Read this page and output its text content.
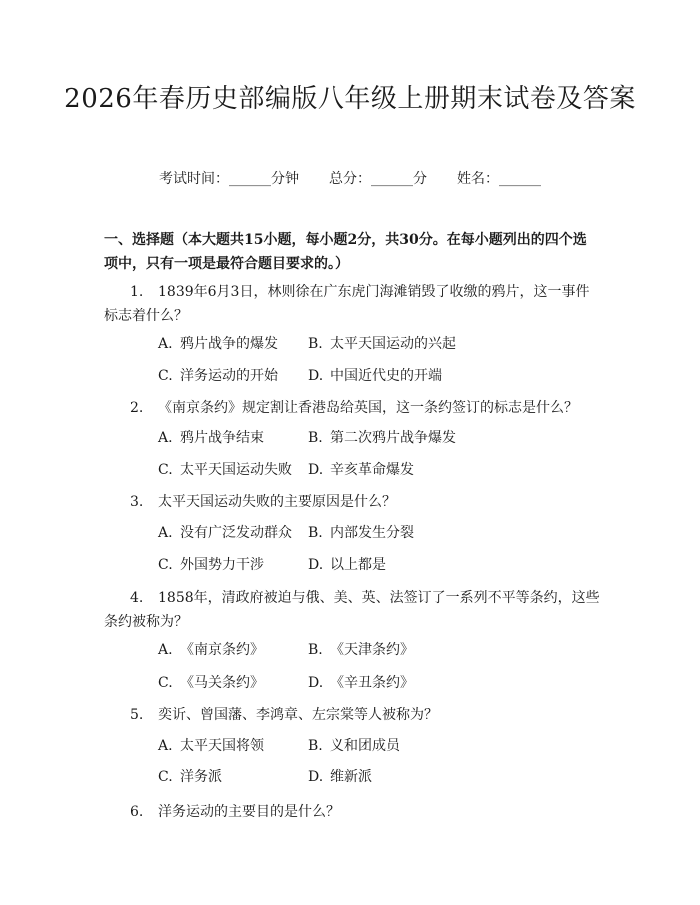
2026年春历史部编版八年级上册期末试卷及答案
考试时间：______分钟 总分：______分 姓名：______
一、选择题（本大题共15小题，每小题2分，共30分。在每小题列出的四个选项中，只有一项是最符合题目要求的。）
1. 1839年6月3日，林则徐在广东虎门海滩销毁了收缴的鸦片，这一事件标志着什么？
A. 鸦片战争的爆发 B. 太平天国运动的兴起
C. 洋务运动的开始 D. 中国近代史的开端
2. 《南京条约》规定割让香港岛给英国，这一条约签订的标志是什么？
A. 鸦片战争结束	B. 第二次鸦片战争爆发
C. 太平天国运动失败 D. 辛亥革命爆发
3. 太平天国运动失败的主要原因是什么？
A. 没有广泛发动群众 B. 内部发生分裂
C. 外国势力干涉	D. 以上都是
4. 1858年，清政府被迫与俄、美、英、法签订了一系列不平等条约，这些条约被称为？
A. 《南京条约》	B. 《天津条约》
C. 《马关条约》	D. 《辛丑条约》
5. 奕䜣、曾国藩、李鸿章、左宗棠等人被称为？
A. 太平天国将领	B. 义和团成员
C. 洋务派	D. 维新派
6. 洋务运动的主要目的是什么？
